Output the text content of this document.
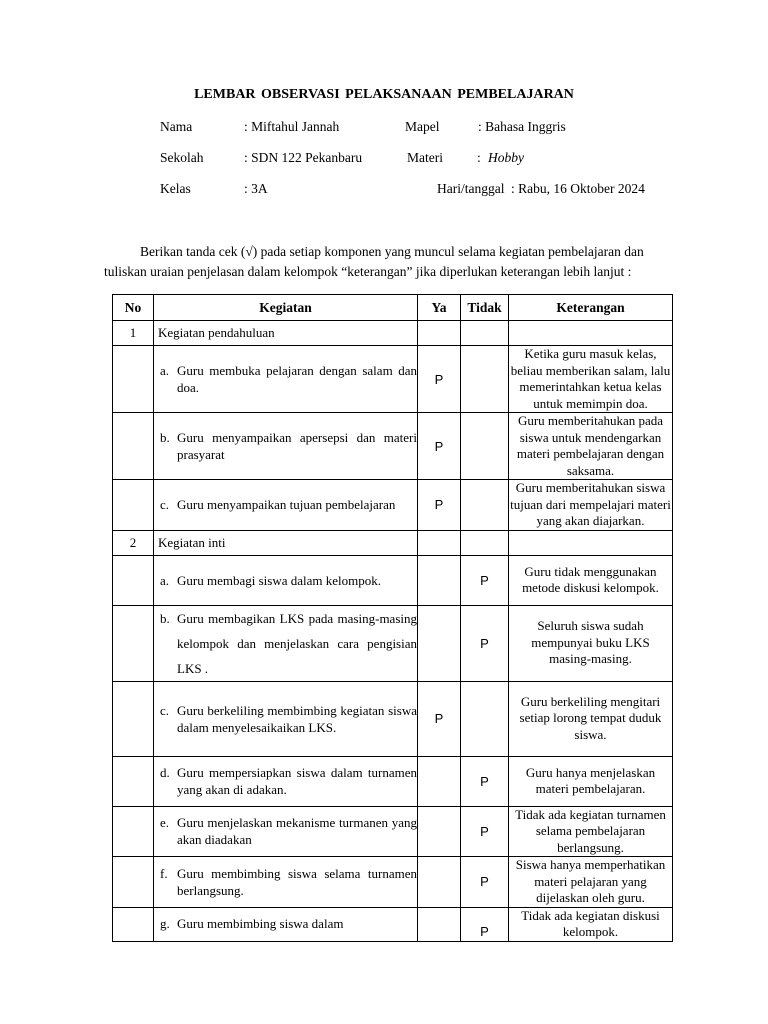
LEMBAR OBSERVASI PELAKSANAAN PEMBELAJARAN
Nama	: Miftahul Jannah	Mapel	: Bahasa Inggris
Sekolah	: SDN 122 Pekanbaru	Materi	: Hobby
Kelas	: 3A	Hari/tanggal : Rabu, 16 Oktober 2024
Berikan tanda cek (√) pada setiap komponen yang muncul selama kegiatan pembelajaran dan
tuliskan uraian penjelasan dalam kelompok “keterangan” jika diperlukan keterangan lebih lanjut :
No	Kegiatan	Ya	Tidak	Keterangan
1	Kegiatan pendahuluan			

	a. Guru membuka pelajaran dengan salam dan doa.	P		Ketika guru masuk kelas, beliau memberikan salam, lalu memerintahkan ketua kelas untuk memimpin doa.

	b. Guru menyampaikan apersepsi dan materi prasyarat	P		Guru memberitahukan pada siswa untuk mendengarkan materi pembelajaran dengan saksama.

	c. Guru menyampaikan tujuan pembelajaran	P		Guru memberitahukan siswa tujuan dari mempelajari materi yang akan diajarkan.
2	Kegiatan inti			

	a. Guru membagi siswa dalam kelompok.		P	Guru tidak menggunakan metode diskusi kelompok.

	b. Guru membagikan LKS pada masing-masing kelompok dan menjelaskan cara pengisian LKS .		P	Seluruh siswa sudah mempunyai buku LKS masing-masing.

	c. Guru berkeliling membimbing kegiatan siswa dalam menyelesaikaikan LKS.	P		Guru berkeliling mengitari setiap lorong tempat duduk siswa.

	d. Guru mempersiapkan siswa dalam turnamen yang akan di adakan.		P	Guru hanya menjelaskan materi pembelajaran.

	e. Guru menjelaskan mekanisme turmanen yang akan diadakan		P	Tidak ada kegiatan turnamen selama pembelajaran berlangsung.

	f. Guru membimbing siswa selama turnamen berlangsung.		P	Siswa hanya memperhatikan materi pelajaran yang dijelaskan oleh guru.

	g. Guru membimbing siswa dalam		P	Tidak ada kegiatan diskusi kelompok.
